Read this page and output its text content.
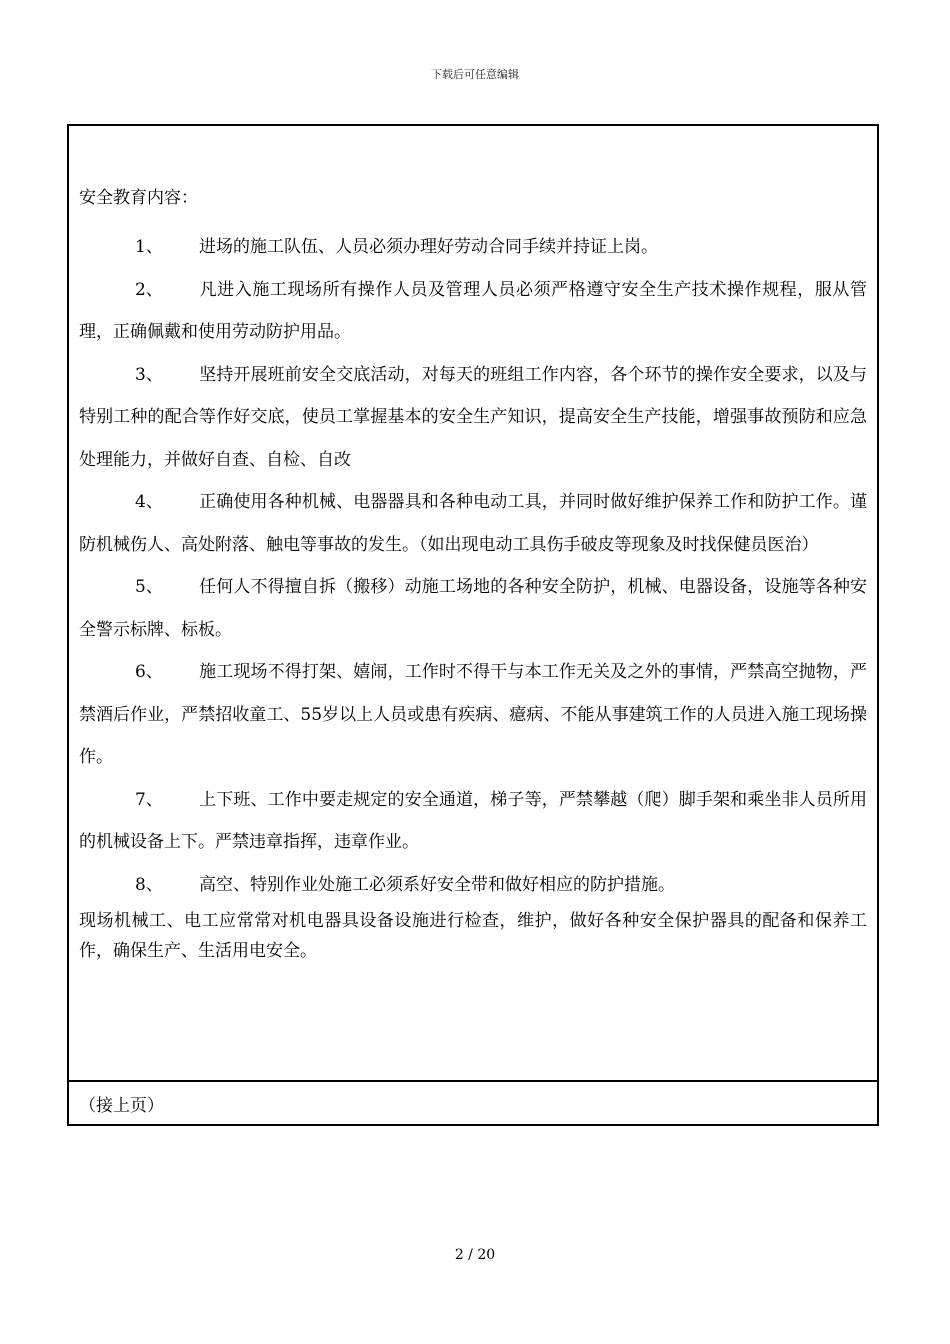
下载后可任意编辑

安全教育内容：

1、 进场的施工队伍、人员必须办理好劳动合同手续并持证上岗。

2、 凡进入施工现场所有操作人员及管理人员必须严格遵守安全生产技术操作规程，服从管理，正确佩戴和使用劳动防护用品。

3、 坚持开展班前安全交底活动，对每天的班组工作内容，各个环节的操作安全要求，以及与特别工种的配合等作好交底，使员工掌握基本的安全生产知识，提高安全生产技能，增强事故预防和应急处理能力，并做好自查、自检、自改

4、 正确使用各种机械、电器器具和各种电动工具，并同时做好维护保养工作和防护工作。谨防机械伤人、高处附落、触电等事故的发生。（如出现电动工具伤手破皮等现象及时找保健员医治）

5、 任何人不得擅自拆（搬移）动施工场地的各种安全防护，机械、电器设备，设施等各种安全警示标牌、标板。

6、 施工现场不得打架、嬉闹，工作时不得干与本工作无关及之外的事情，严禁高空抛物，严禁酒后作业，严禁招收童工、55岁以上人员或患有疾病、癔病、不能从事建筑工作的人员进入施工现场操作。

7、 上下班、工作中要走规定的安全通道，梯子等，严禁攀越（爬）脚手架和乘坐非人员所用的机械设备上下。严禁违章指挥，违章作业。

8、 高空、特别作业处施工必须系好安全带和做好相应的防护措施。

现场机械工、电工应常常对机电器具设备设施进行检查，维护，做好各种安全保护器具的配备和保养工作，确保生产、生活用电安全。

（接上页）
2 / 20
